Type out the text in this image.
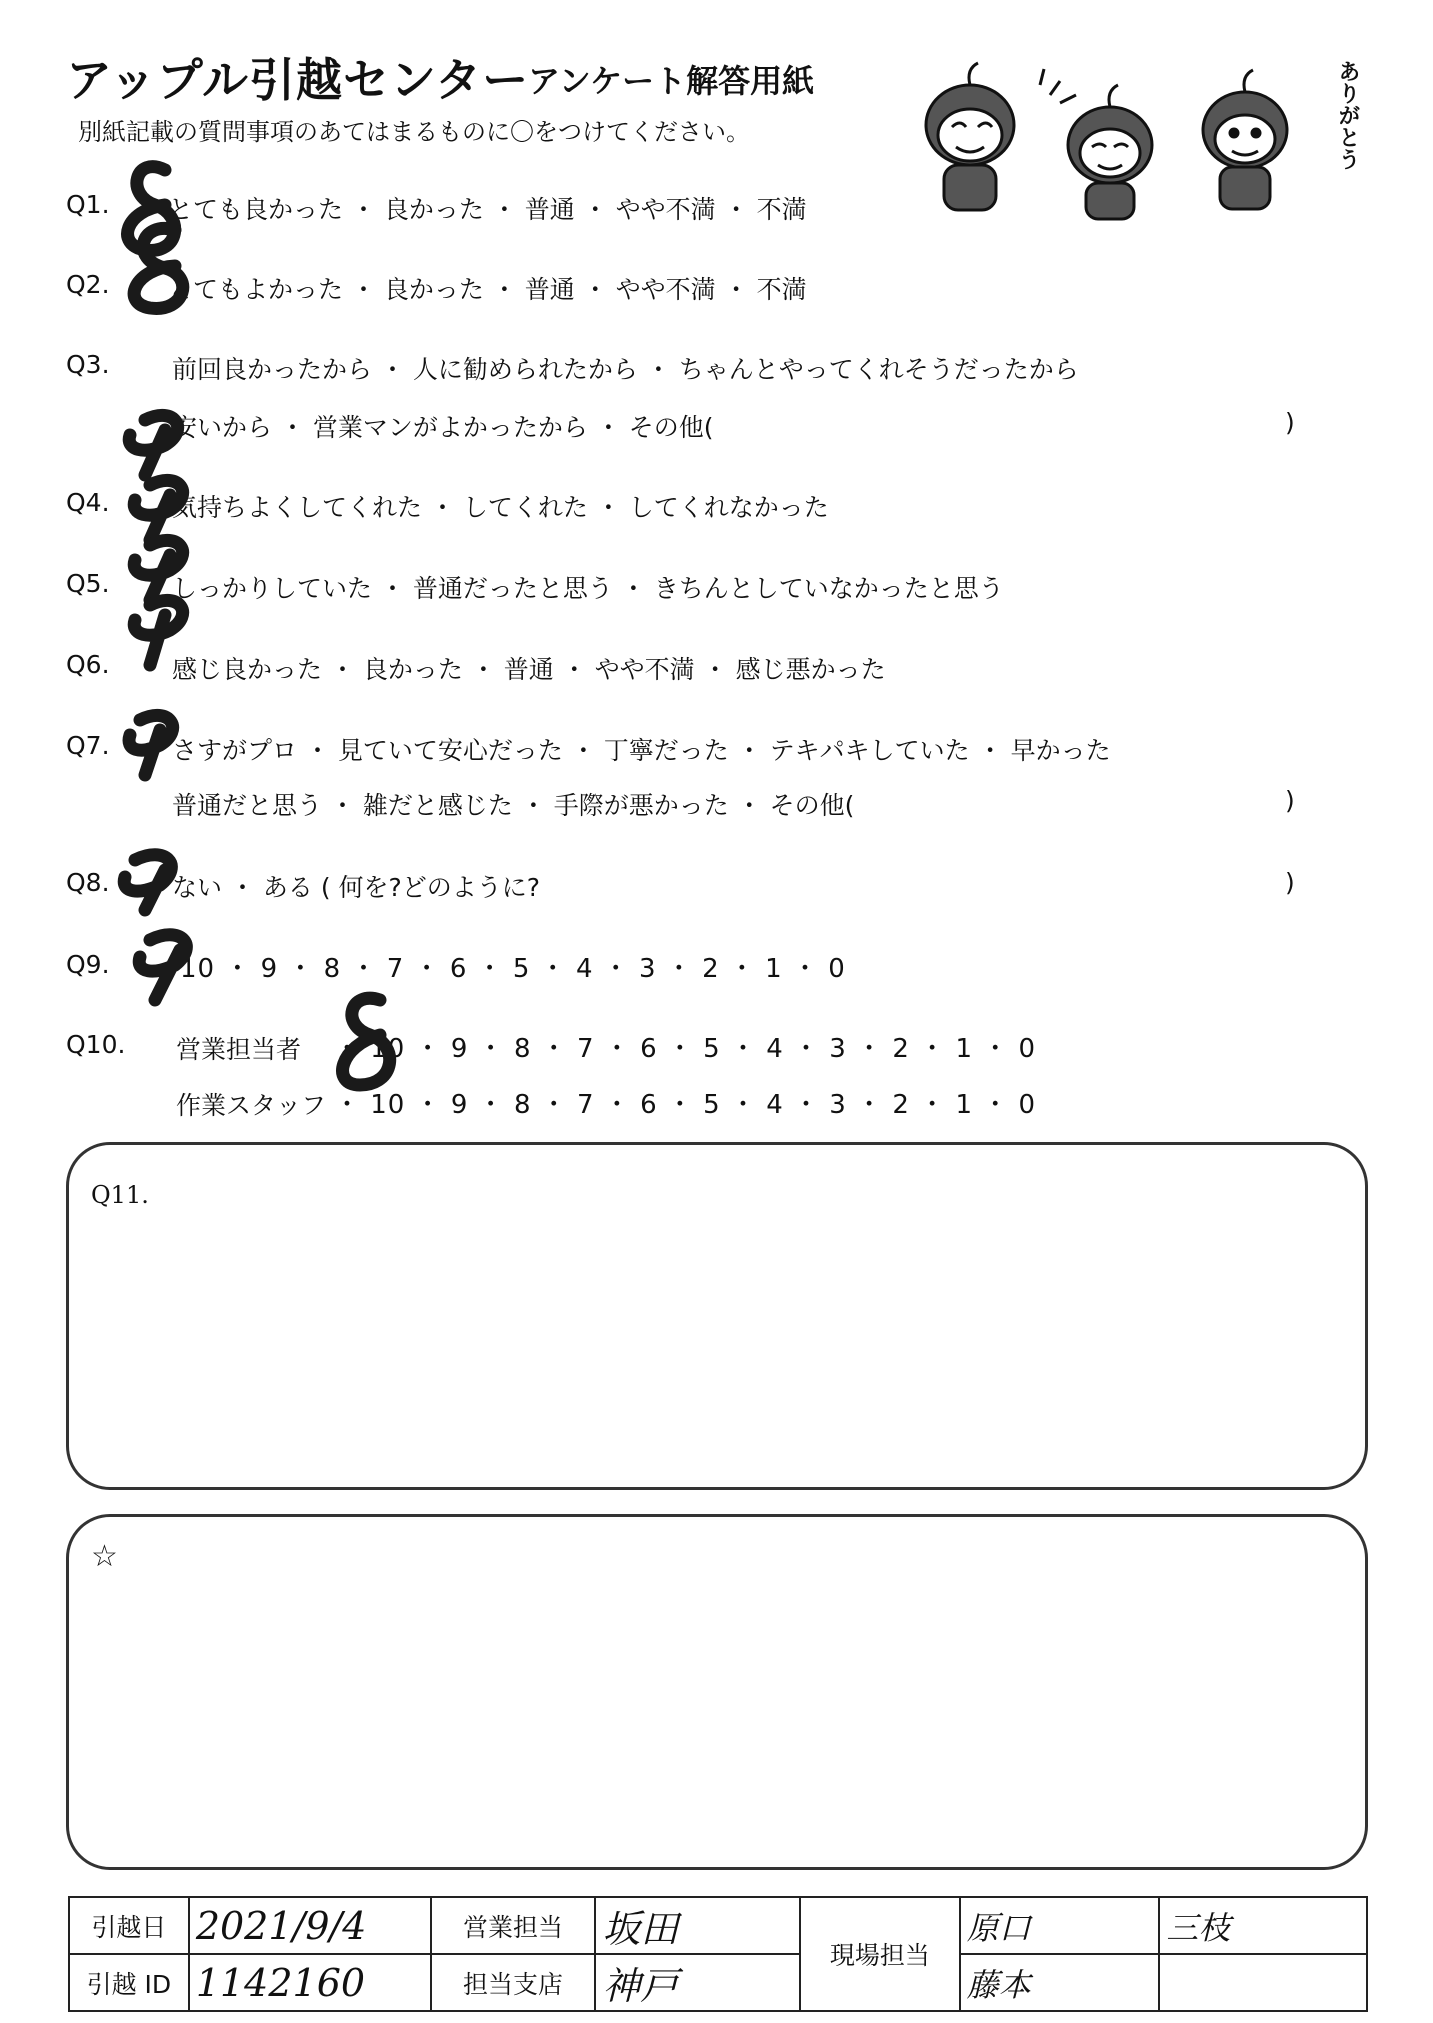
アップル引越センター
アンケート解答用紙
別紙記載の質問事項のあてはまるものに〇をつけてください。	ありがとう
Q1. とても良かった ・ 良かった ・ 普通 ・ やや不満 ・ 不満
Q2. とてもよかった ・ 良かった ・ 普通 ・ やや不満 ・ 不満
Q3. 前回良かったから ・ 人に勧められたから ・ ちゃんとやってくれそうだったから
安いから ・ 営業マンがよかったから ・ その他(	)
Q4. 気持ちよくしてくれた ・ してくれた ・ してくれなかった
Q5. しっかりしていた ・ 普通だったと思う ・ きちんとしていなかったと思う
Q6. 感じ良かった ・ 良かった ・ 普通 ・ やや不満 ・ 感じ悪かった
Q7. さすがプロ ・ 見ていて安心だった ・ 丁寧だった ・ テキパキしていた ・ 早かった
普通だと思う ・ 雑だと感じた ・ 手際が悪かった ・ その他(	)
Q8. ない ・ ある ( 何を?どのように?	)
Q9.	10 ・ 9 ・ 8 ・ 7 ・ 6 ・ 5 ・ 4 ・ 3 ・ 2 ・ 1 ・ 0
Q10. 営業担当者 ・ 10 ・ 9 ・ 8 ・ 7 ・ 6 ・ 5 ・ 4 ・ 3 ・ 2 ・ 1 ・ 0
作業スタッフ ・ 10 ・ 9 ・ 8 ・ 7 ・ 6 ・ 5 ・ 4 ・ 3 ・ 2 ・ 1 ・ 0
Q11.
☆
引越日	2021/9/4	営業担当	坂田	現場担当	原口	三枝
引越 ID	1142160	担当支店	神戸		藤本	
